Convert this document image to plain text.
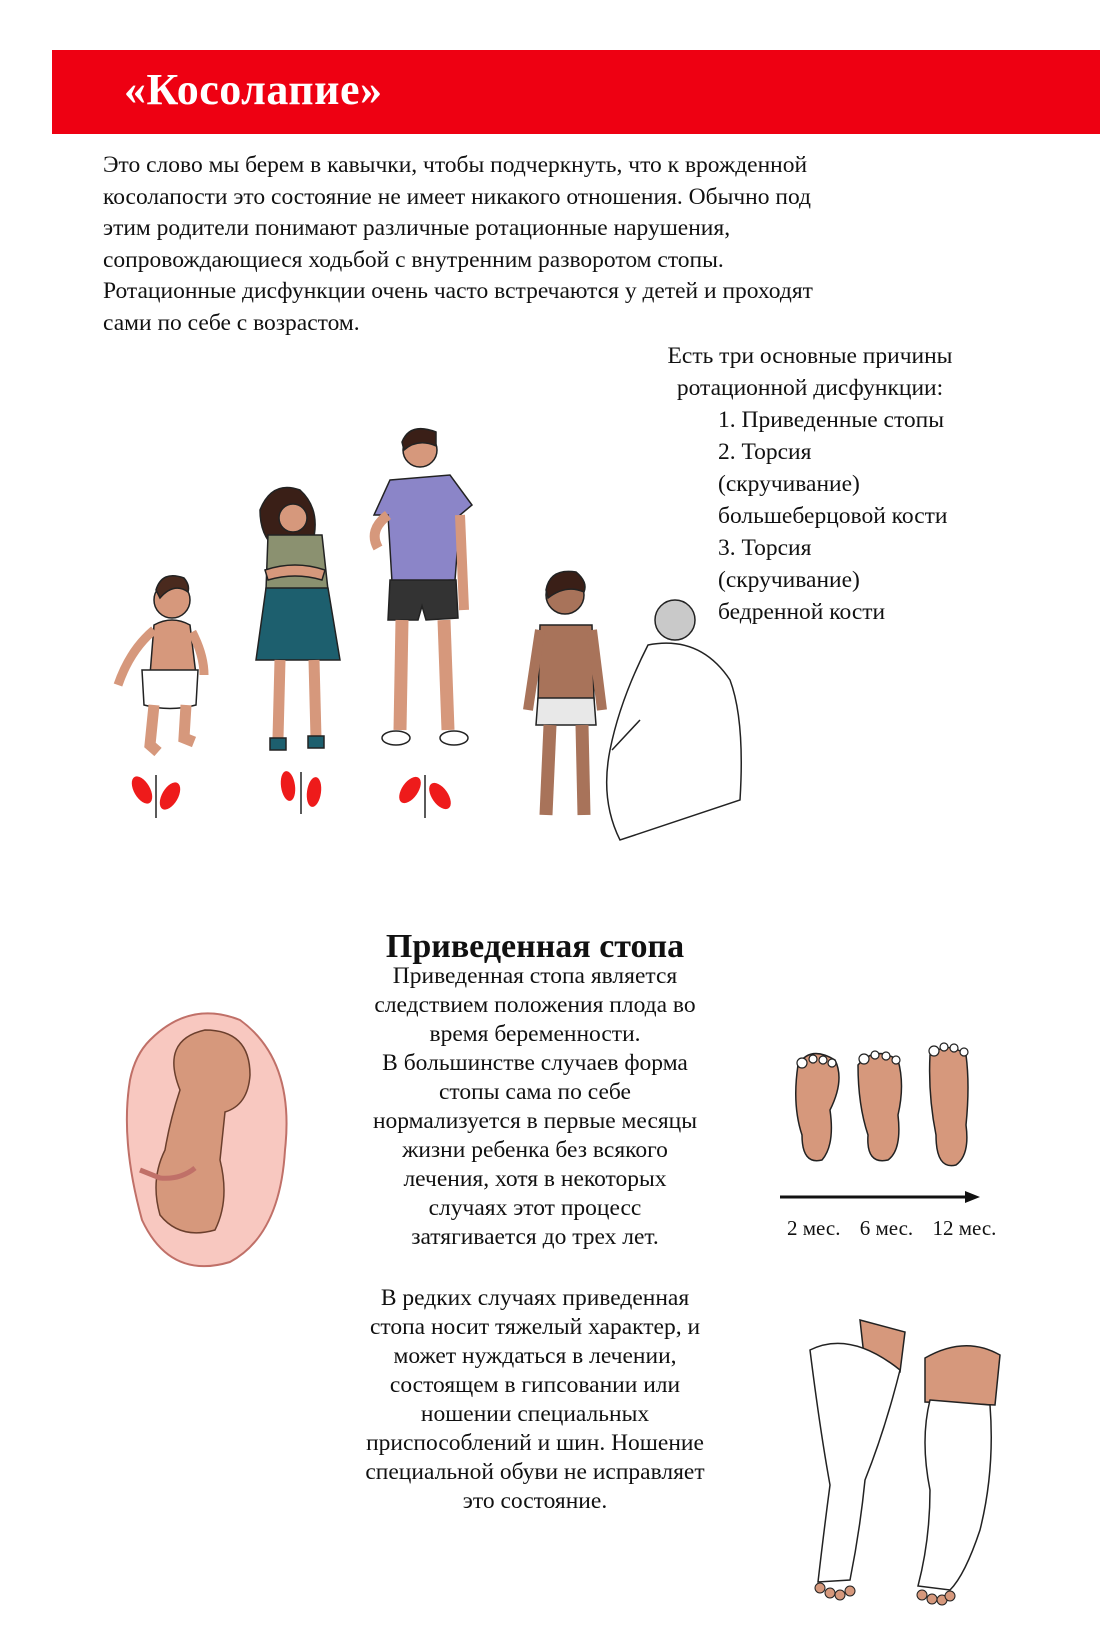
«Косолапие»
Это слово мы берем в кавычки, чтобы подчеркнуть, что к врожденной
косолапости это состояние не имеет никакого отношения. Обычно под
этим родители понимают различные ротационные нарушения,
сопровождающиеся ходьбой с внутренним разворотом стопы.
Ротационные дисфункции очень часто встречаются у детей и проходят
сами по себе с возрастом.
Есть три основные причины
ротационной дисфункции:
1. Приведенные стопы
2. Торсия
(скручивание)
большеберцовой кости
3. Торсия
(скручивание)
бедренной кости
Приведенная стопа
Приведенная стопа является
следствием положения плода во
время беременности.
В большинстве случаев форма
стопы сама по себе
нормализуется в первые месяцы
жизни ребенка без всякого
лечения, хотя в некоторых
случаях этот процесс
затягивается до трех лет.
В редких случаях приведенная
стопа носит тяжелый характер, и
может нуждаться в лечении,
состоящем в гипсовании или
ношении специальных
приспособлений и шин. Ношение
специальной обуви не исправляет
это состояние.
2 мес. 6 мес. 12 мес.
